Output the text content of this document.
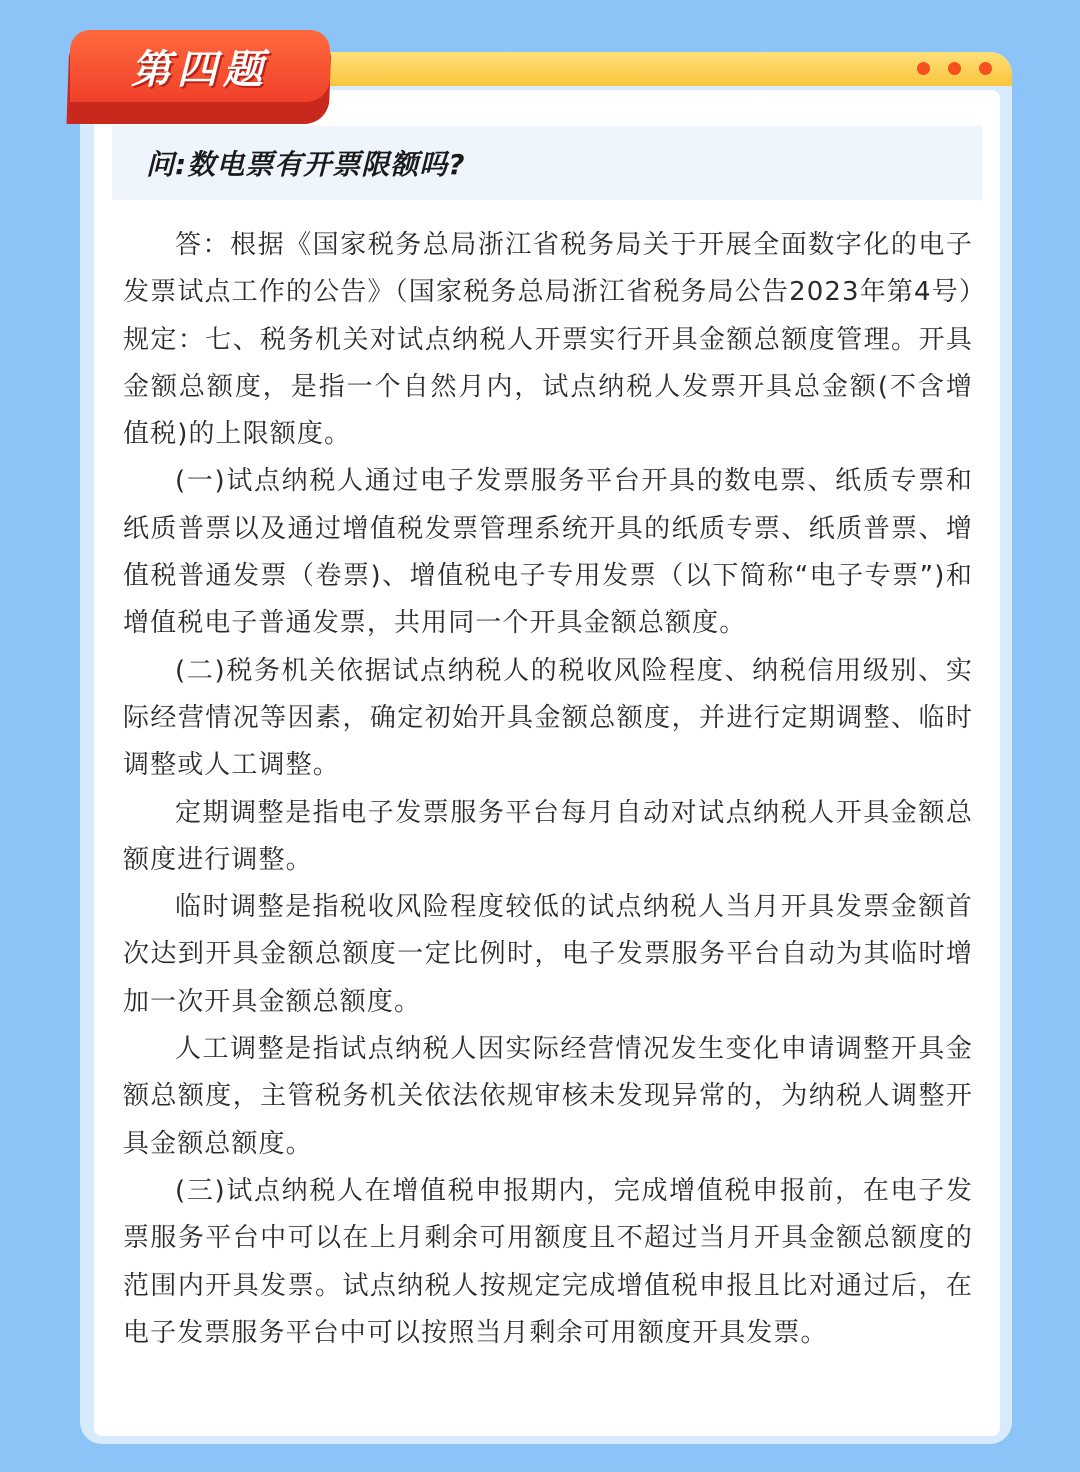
第四题
问:数电票有开票限额吗?

答：根据《国家税务总局浙江省税务局关于开展全面数字化的电子发票试点工作的公告》（国家税务总局浙江省税务局公告2023年第4号）规定：七、税务机关对试点纳税人开票实行开具金额总额度管理。开具金额总额度，是指一个自然月内，试点纳税人发票开具总金额(不含增值税)的上限额度。

(一)试点纳税人通过电子发票服务平台开具的数电票、纸质专票和纸质普票以及通过增值税发票管理系统开具的纸质专票、纸质普票、增值税普通发票（卷票)、增值税电子专用发票（以下简称“电子专票”)和增值税电子普通发票，共用同一个开具金额总额度。

(二)税务机关依据试点纳税人的税收风险程度、纳税信用级别、实际经营情况等因素，确定初始开具金额总额度，并进行定期调整、临时调整或人工调整。

定期调整是指电子发票服务平台每月自动对试点纳税人开具金额总额度进行调整。

临时调整是指税收风险程度较低的试点纳税人当月开具发票金额首次达到开具金额总额度一定比例时，电子发票服务平台自动为其临时增加一次开具金额总额度。

人工调整是指试点纳税人因实际经营情况发生变化申请调整开具金额总额度，主管税务机关依法依规审核未发现异常的，为纳税人调整开具金额总额度。

(三)试点纳税人在增值税申报期内，完成增值税申报前，在电子发票服务平台中可以在上月剩余可用额度且不超过当月开具金额总额度的范围内开具发票。试点纳税人按规定完成增值税申报且比对通过后，在电子发票服务平台中可以按照当月剩余可用额度开具发票。
